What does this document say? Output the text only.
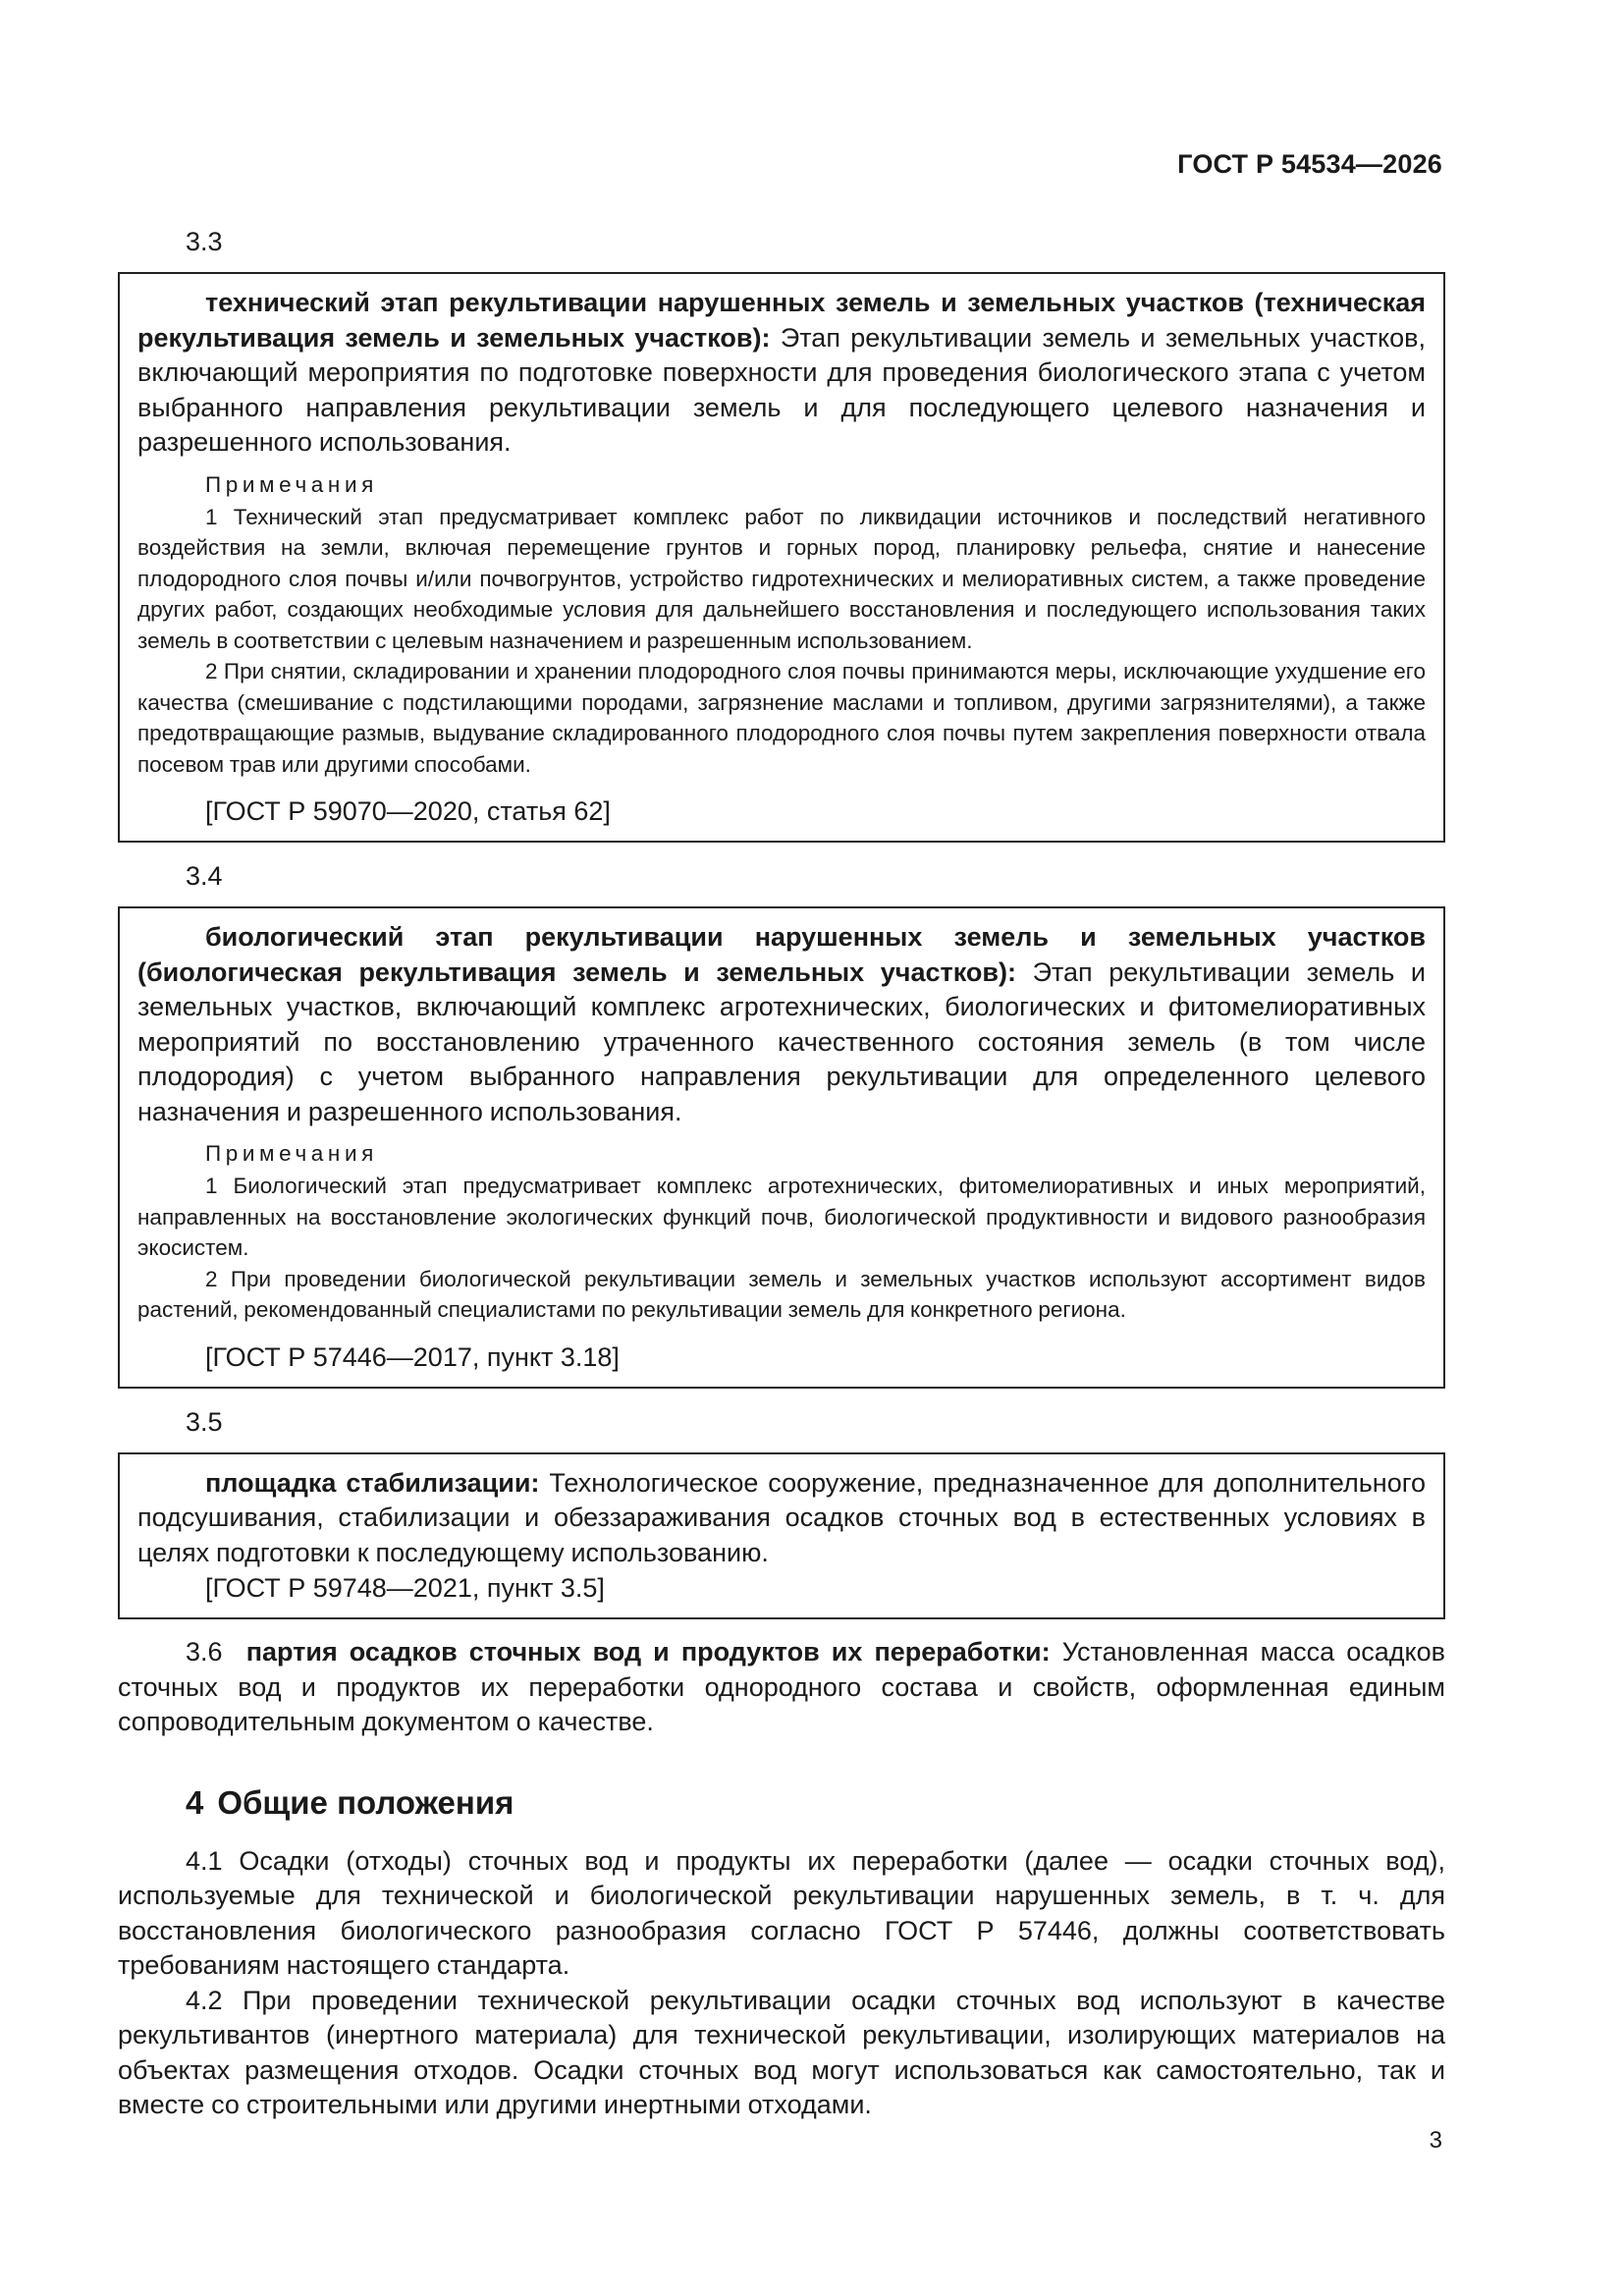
ГОСТ Р 54534—2026
3.3

технический этап рекультивации нарушенных земель и земельных участков (техническая рекультивация земель и земельных участков): Этап рекультивации земель и земельных участков, включающий мероприятия по подготовке поверхности для проведения биологического этапа с учетом выбранного направления рекультивации земель и для последующего целевого назначения и разрешенного использования.

Примечания

1 Технический этап предусматривает комплекс работ по ликвидации источников и последствий негативного воздействия на земли, включая перемещение грунтов и горных пород, планировку рельефа, снятие и нанесение плодородного слоя почвы и/или почвогрунтов, устройство гидротехнических и мелиоративных систем, а также проведение других работ, создающих необходимые условия для дальнейшего восстановления и последующего использования таких земель в соответствии с целевым назначением и разрешенным использованием.

2 При снятии, складировании и хранении плодородного слоя почвы принимаются меры, исключающие ухудшение его качества (смешивание с подстилающими породами, загрязнение маслами и топливом, другими загрязнителями), а также предотвращающие размыв, выдувание складированного плодородного слоя почвы путем закрепления поверхности отвала посевом трав или другими способами.

[ГОСТ Р 59070—2020, статья 62]
3.4

биологический этап рекультивации нарушенных земель и земельных участков (биологическая рекультивация земель и земельных участков): Этап рекультивации земель и земельных участков, включающий комплекс агротехнических, биологических и фитомелиоративных мероприятий по восстановлению утраченного качественного состояния земель (в том числе плодородия) с учетом выбранного направления рекультивации для определенного целевого назначения и разрешенного использования.

Примечания

1 Биологический этап предусматривает комплекс агротехнических, фитомелиоративных и иных мероприятий, направленных на восстановление экологических функций почв, биологической продуктивности и видового разнообразия экосистем.

2 При проведении биологической рекультивации земель и земельных участков используют ассортимент видов растений, рекомендованный специалистами по рекультивации земель для конкретного региона.

[ГОСТ Р 57446—2017, пункт 3.18]
3.5

площадка стабилизации: Технологическое сооружение, предназначенное для дополнительного подсушивания, стабилизации и обеззараживания осадков сточных вод в естественных условиях в целях подготовки к последующему использованию.

[ГОСТ Р 59748—2021, пункт 3.5]

3.6 партия осадков сточных вод и продуктов их переработки: Установленная масса осадков сточных вод и продуктов их переработки однородного состава и свойств, оформленная единым сопроводительным документом о качестве.

4 Общие положения

4.1 Осадки (отходы) сточных вод и продукты их переработки (далее — осадки сточных вод), используемые для технической и биологической рекультивации нарушенных земель, в т. ч. для восстановления биологического разнообразия согласно ГОСТ Р 57446, должны соответствовать требованиям настоящего стандарта.

4.2 При проведении технической рекультивации осадки сточных вод используют в качестве рекультивантов (инертного материала) для технической рекультивации, изолирующих материалов на объектах размещения отходов. Осадки сточных вод могут использоваться как самостоятельно, так и вместе со строительными или другими инертными отходами.

3
